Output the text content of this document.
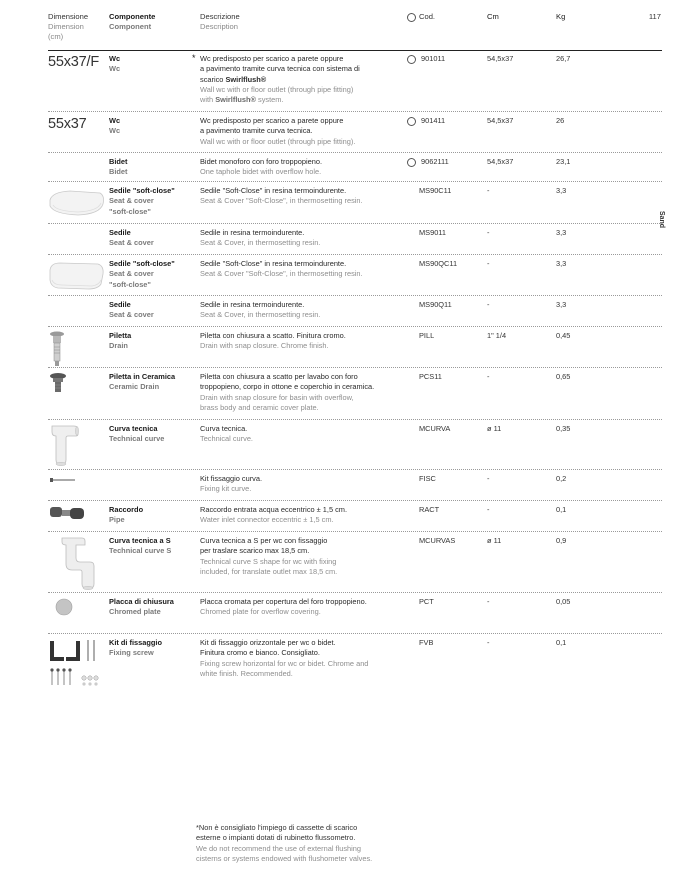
Dimensione
Dimension
(cm)
Componente
Component
Descrizione
Description
Cod.	Cm	Kg	117
Sand
55x37/F Wc
Wc
* Wc predisposto per scarico a parete oppure
a pavimento tramite curva tecnica con sistema di
scarico Swirlflush®
Wall wc with or floor outlet (through pipe fitting)
with Swirlflush® system.
901011	54,5x37	26,7
55x37	Wc
Wc
Wc predisposto per scarico a parete oppure
a pavimento tramite curva tecnica.
Wall wc with or floor outlet (through pipe fitting).
901411	54,5x37	26
Bidet
Bidet
Bidet monoforo con foro troppopieno.
One taphole bidet with overflow hole.
9062111	54,5x37	23,1
Sedile "soft-close"
Seat & cover
"soft-close"
Sedile "Soft-Close" in resina termoindurente.
Seat & Cover "Soft-Close", in thermosetting resin.
MS90C11	-	3,3
Sedile
Seat & cover
Sedile in resina termoindurente.
Seat & Cover, in thermosetting resin.
MS9011	-	3,3
Sedile "soft-close"
Seat & cover
"soft-close"
Sedile "Soft-Close" in resina termoindurente.
Seat & Cover "Soft-Close", in thermosetting resin.
MS90QC11	-	3,3
Sedile
Seat & cover
Sedile in resina termoindurente.
Seat & Cover, in thermosetting resin.
MS90Q11	-	3,3
Piletta
Drain
Piletta con chiusura a scatto. Finitura cromo.
Drain with snap closure. Chrome finish.
PILL	1" 1/4	0,45
Piletta in Ceramica
Ceramic Drain
Piletta con chiusura a scatto per lavabo con foro
troppopieno, corpo in ottone e coperchio in ceramica.
Drain with snap closure for basin with overflow,
brass body and ceramic cover plate.
PCS11	-	0,65
Curva tecnica
Technical curve
Curva tecnica.
Technical curve.
MCURVA	ø 11	0,35
Kit fissaggio curva.
Fixing kit curve.
FISC	-	0,2
Raccordo
Pipe
Raccordo entrata acqua eccentrico ± 1,5 cm.
Water inlet connector eccentric ± 1,5 cm.
RACT	-	0,1
Curva tecnica a S
Technical curve S
Curva tecnica a S per wc con fissaggio
per traslare scarico max 18,5 cm.
Technical curve S shape for wc with fixing
included, for translate outlet max 18,5 cm.
MCURVAS	ø 11	0,9
Placca di chiusura
Chromed plate
Placca cromata per copertura del foro troppopieno.
Chromed plate for overflow covering.
PCT	-	0,05
Kit di fissaggio
Fixing screw
Kit di fissaggio orizzontale per wc o bidet.
Finitura cromo e bianco. Consigliato.
Fixing screw horizontal for wc or bidet. Chrome and
white finish. Recommended.
FVB	-	0,1
*Non è consigliato l'impiego di cassette di scarico
esterne o impianti dotati di rubinetto flussometro.
We do not recommend the use of external flushing
cisterns or systems endowed with flushometer valves.
